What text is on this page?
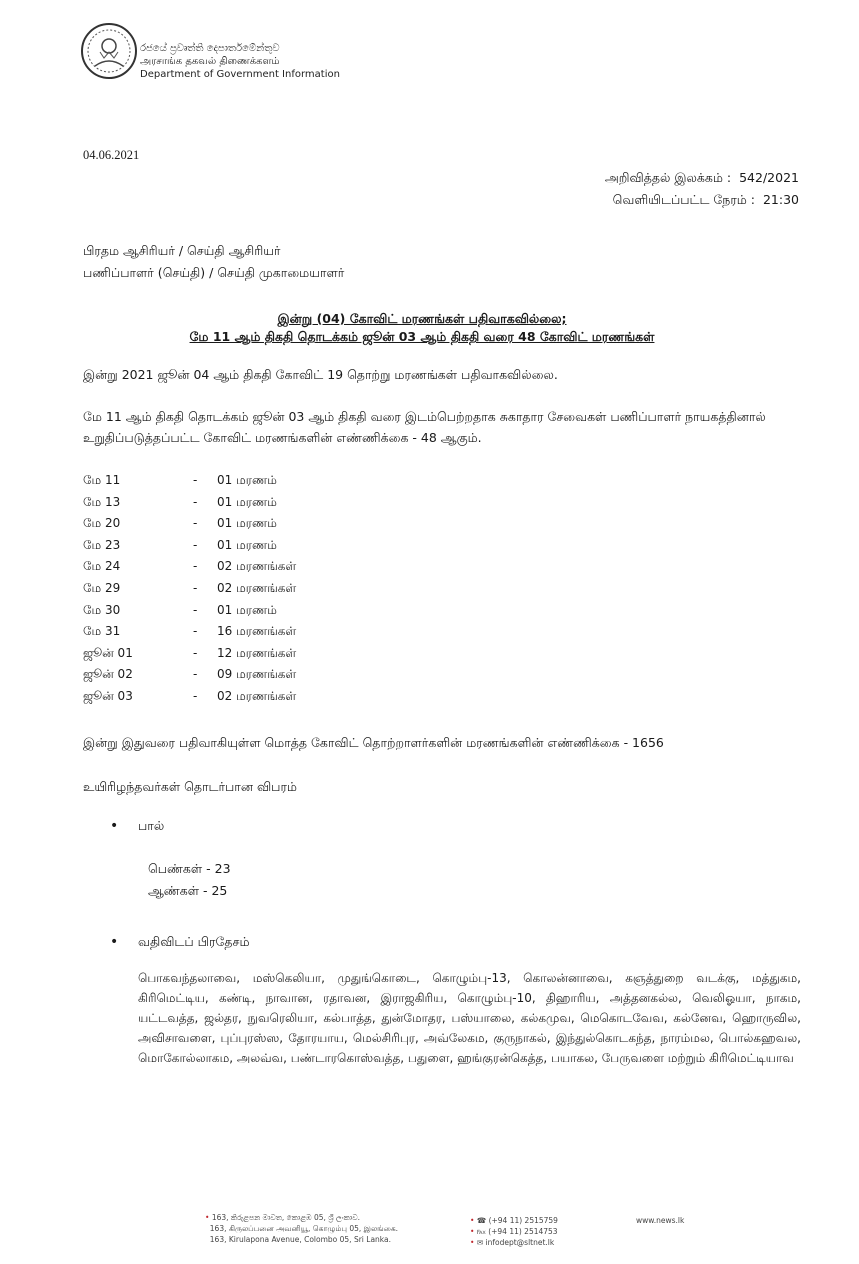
රජයේ ප්‍රවෘත්ති දෙපාර්තමේන්තුව
அரசாங்க தகவல் திணைக்களம்
Department of Government Information
04.06.2021
அறிவித்தல் இலக்கம் : 542/2021
வெளியிடப்பட்ட நேரம் : 21:30
பிரதம ஆசிரியர் / செய்தி ஆசிரியர்
பணிப்பாளர் (செய்தி) / செய்தி முகாமையாளர்
இன்று (04) கோவிட் மரணங்கள் பதிவாகவில்லை;
மே 11 ஆம் திகதி தொடக்கம் ஜூன் 03 ஆம் திகதி வரை 48 கோவிட் மரணங்கள்
இன்று 2021 ஜூன் 04 ஆம் திகதி கோவிட் 19 தொற்று மரணங்கள் பதிவாகவில்லை.
மே 11 ஆம் திகதி தொடக்கம் ஜூன் 03 ஆம் திகதி வரை இடம்பெற்றதாக சுகாதார சேவைகள் பணிப்பாளர் நாயகத்தினால் உறுதிப்படுத்தப்பட்ட கோவிட் மரணங்களின் எண்ணிக்கை - 48 ஆகும்.
மே 11	-	01 மரணம்
மே 13	-	01 மரணம்
மே 20	-	01 மரணம்
மே 23	-	01 மரணம்
மே 24	-	02 மரணங்கள்
மே 29	-	02 மரணங்கள்
மே 30	-	01 மரணம்
மே 31	-	16 மரணங்கள்
ஜூன் 01	-	12 மரணங்கள்
ஜூன் 02	-	09 மரணங்கள்
ஜூன் 03	-	02 மரணங்கள்
இன்று இதுவரை பதிவாகியுள்ள மொத்த கோவிட் தொற்றாளர்களின் மரணங்களின் எண்ணிக்கை - 1656
உயிரிழந்தவர்கள் தொடர்பான விபரம்
• பால்
பெண்கள் - 23
ஆண்கள் - 25
• வதிவிடப் பிரதேசம்
பொகவந்தலாவை, மஸ்கெலியா, முதுங்கொடை, கொழும்பு-13, கொலன்னாவை, கஞத்துறை வடக்கு, மத்துகம, கிரிமெட்டிய, கண்டி, நாவான, ரதாவன, இராஜகிரிய, கொழும்பு-10, திஹாரிய, அத்தனகல்ல, வெலிஓயா, நாகம, யட்டவத்த, ஜல்தர, நுவரெலியா, கல்பாத்த, துன்மோதர, பஸ்யாலை, கல்கமுவ, மெகொடவேவ, கல்னேவ, ஹொருவில, அவிசாவளை, புப்புரஸ்ஸ, தோரயாய, மெல்சிரிபுர, அவ்லேகம, குருநாகல், இந்துல்கொடகந்த, நாரம்மல, பொல்கஹவல, மொகோல்லாகம, அலவ்வ, பண்டாரகொஸ்வத்த, பதுளை, ஹங்குரன்கெத்த, பயாகல, பேருவளை மற்றும் கிரிமெட்டியாவ
• 163, කිරුළපන මාවත, කොළඹ 05, ශ්‍රී ලංකාව.
163, கிருலப்பனை அவனியூ, கொழும்பு 05, இலங்கை.
163, Kirulapona Avenue, Colombo 05, Sri Lanka.
• ☎ (+94 11) 2515759
• ℻ (+94 11) 2514753
• ✉ infodept@sltnet.lk
www.news.lk
